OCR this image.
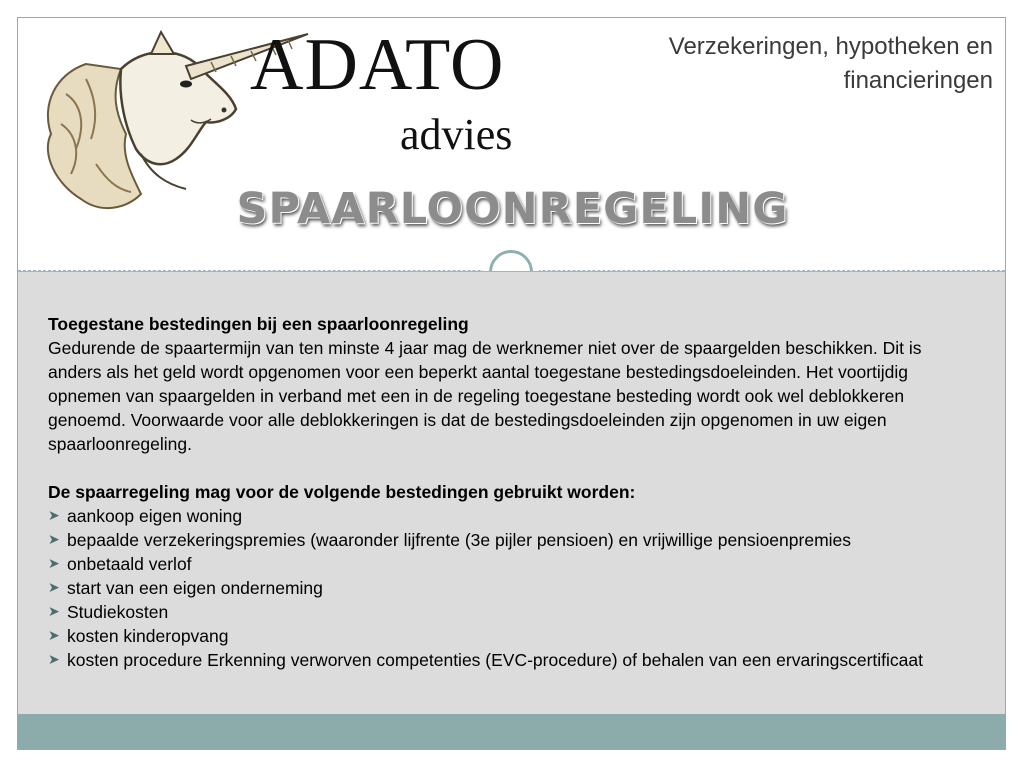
ADATO
advies
Verzekeringen, hypotheken en financieringen
SPAARLOONREGELING

Toegestane bestedingen bij een spaarloonregeling

Gedurende de spaartermijn van ten minste 4 jaar mag de werknemer niet over de spaargelden beschikken. Dit is anders als het geld wordt opgenomen voor een beperkt aantal toegestane bestedingsdoeleinden. Het voortijdig opnemen van spaargelden in verband met een in de regeling toegestane besteding wordt ook wel deblokkeren genoemd. Voorwaarde voor alle deblokkeringen is dat de bestedingsdoeleinden zijn opgenomen in uw eigen spaarloonregeling.

De spaarregeling mag voor de volgende bestedingen gebruikt worden:

➤ aankoop eigen woning
➤ bepaalde verzekeringspremies (waaronder lijfrente (3e pijler pensioen) en vrijwillige pensioenpremies
➤ onbetaald verlof
➤ start van een eigen onderneming
➤ Studiekosten
➤ kosten kinderopvang
➤ kosten procedure Erkenning verworven competenties (EVC-procedure) of behalen van een ervaringscertificaat
